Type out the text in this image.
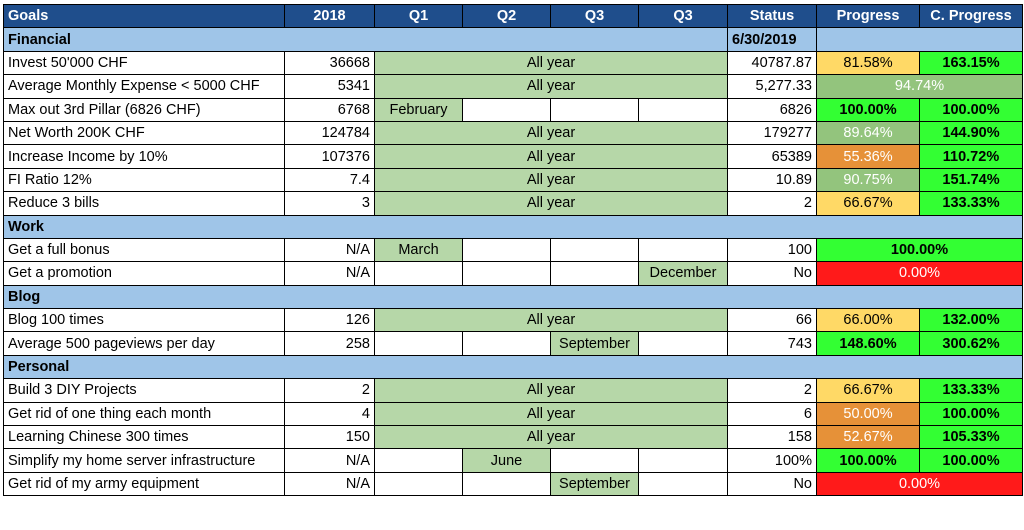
Goals	2018	Q1	Q2	Q3	Q3	Status	Progress	C. Progress
Financial						6/30/2019		
Invest 50'000 CHF	36668	All year				40787.87	81.58%	163.15%
Average Monthly Expense < 5000 CHF	5341	All year				5,277.33	94.74%	
Max out 3rd Pillar (6826 CHF)	6768	February				6826	100.00%	100.00%
Net Worth 200K CHF	124784	All year				179277	89.64%	144.90%
Increase Income by 10%	107376	All year				65389	55.36%	110.72%
FI Ratio 12%	7.4	All year				10.89	90.75%	151.74%
Reduce 3 bills	3	All year				2	66.67%	133.33%
Work								
Get a full bonus	N/A	March				100	100.00%	
Get a promotion	N/A				December	No	0.00%	
Blog								
Blog 100 times	126	All year				66	66.00%	132.00%
Average 500 pageviews per day	258			September		743	148.60%	300.62%
Personal								
Build 3 DIY Projects	2	All year				2	66.67%	133.33%
Get rid of one thing each month	4	All year				6	50.00%	100.00%
Learning Chinese 300 times	150	All year				158	52.67%	105.33%
Simplify my home server infrastructure	N/A		June			100%	100.00%	100.00%
Get rid of my army equipment	N/A			September		No	0.00%	
